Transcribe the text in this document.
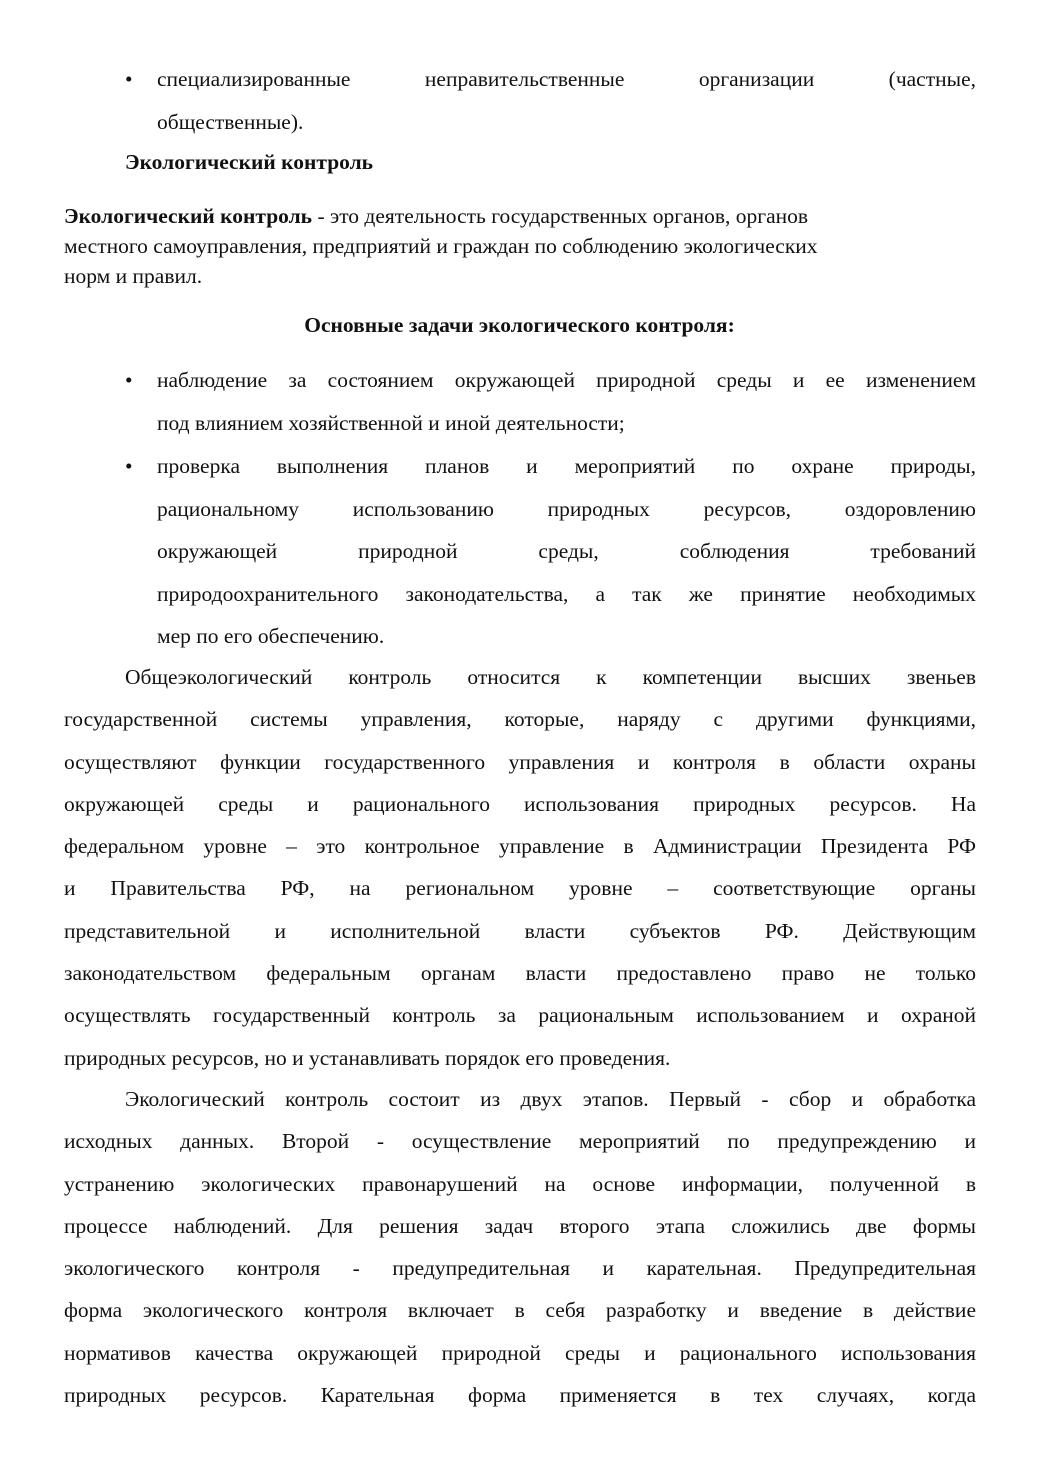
• специализированные неправительственные организации (частные,
общественные).
Экологический контроль

Экологический контроль - это деятельность государственных органов, органов
местного самоуправления, предприятий и граждан по соблюдению экологических
норм и правил.

Основные задачи экологического контроля:
• наблюдение за состоянием окружающей природной среды и ее изменением
под влиянием хозяйственной и иной деятельности;
• проверка выполнения планов и мероприятий по охране природы,
рациональному использованию природных ресурсов, оздоровлению
окружающей природной среды, соблюдения требований
природоохранительного законодательства, а так же принятие необходимых
мер по его обеспечению.
Общеэкологический контроль относится к компетенции высших звеньев
государственной системы управления, которые, наряду с другими функциями,
осуществляют функции государственного управления и контроля в области охраны
окружающей среды и рационального использования природных ресурсов. На
федеральном уровне – это контрольное управление в Администрации Президента РФ
и Правительства РФ, на региональном уровне – соответствующие органы
представительной и исполнительной власти субъектов РФ. Действующим
законодательством федеральным органам власти предоставлено право не только
осуществлять государственный контроль за рациональным использованием и охраной
природных ресурсов, но и устанавливать порядок его проведения.
Экологический контроль состоит из двух этапов. Первый - сбор и обработка
исходных данных. Второй - осуществление мероприятий по предупреждению и
устранению экологических правонарушений на основе информации, полученной в
процессе наблюдений. Для решения задач второго этапа сложились две формы
экологического контроля - предупредительная и карательная. Предупредительная
форма экологического контроля включает в себя разработку и введение в действие
нормативов качества окружающей природной среды и рационального использования
природных ресурсов. Карательная форма применяется в тех случаях, когда
